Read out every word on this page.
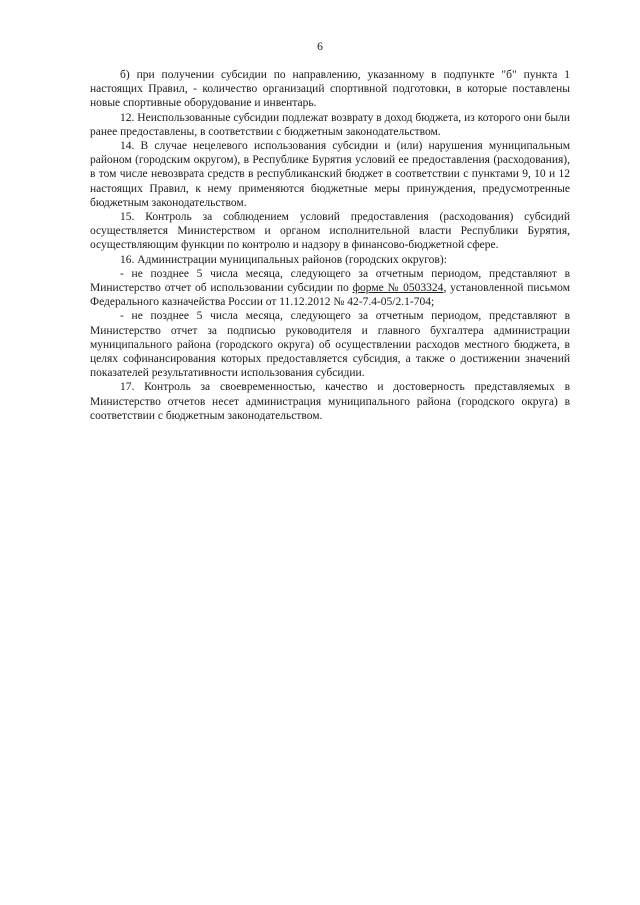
6

б) при получении субсидии по направлению, указанному в подпункте "б" пункта 1 настоящих Правил, - количество организаций спортивной подготовки, в которые поставлены новые спортивные оборудование и инвентарь.

12. Неиспользованные субсидии подлежат возврату в доход бюджета, из которого они были ранее предоставлены, в соответствии с бюджетным законодательством.

14. В случае нецелевого использования субсидии и (или) нарушения муниципальным районом (городским округом), в Республике Бурятия условий ее предоставления (расходования), в том числе невозврата средств в республиканский бюджет в соответствии с пунктами 9, 10 и 12 настоящих Правил, к нему применяются бюджетные меры принуждения, предусмотренные бюджетным законодательством.

15. Контроль за соблюдением условий предоставления (расходования) субсидий осуществляется Министерством и органом исполнительной власти Республики Бурятия, осуществляющим функции по контролю и надзору в финансово-бюджетной сфере.

16. Администрации муниципальных районов (городских округов):

- не позднее 5 числа месяца, следующего за отчетным периодом, представляют в Министерство отчет об использовании субсидии по форме № 0503324, установленной письмом Федерального казначейства России от 11.12.2012 № 42-7.4-05/2.1-704;

- не позднее 5 числа месяца, следующего за отчетным периодом, представляют в Министерство отчет за подписью руководителя и главного бухгалтера администрации муниципального района (городского округа) об осуществлении расходов местного бюджета, в целях софинансирования которых предоставляется субсидия, а также о достижении значений показателей результативности использования субсидии.

17. Контроль за своевременностью, качество и достоверность представляемых в Министерство отчетов несет администрация муниципального района (городского округа) в соответствии с бюджетным законодательством.
